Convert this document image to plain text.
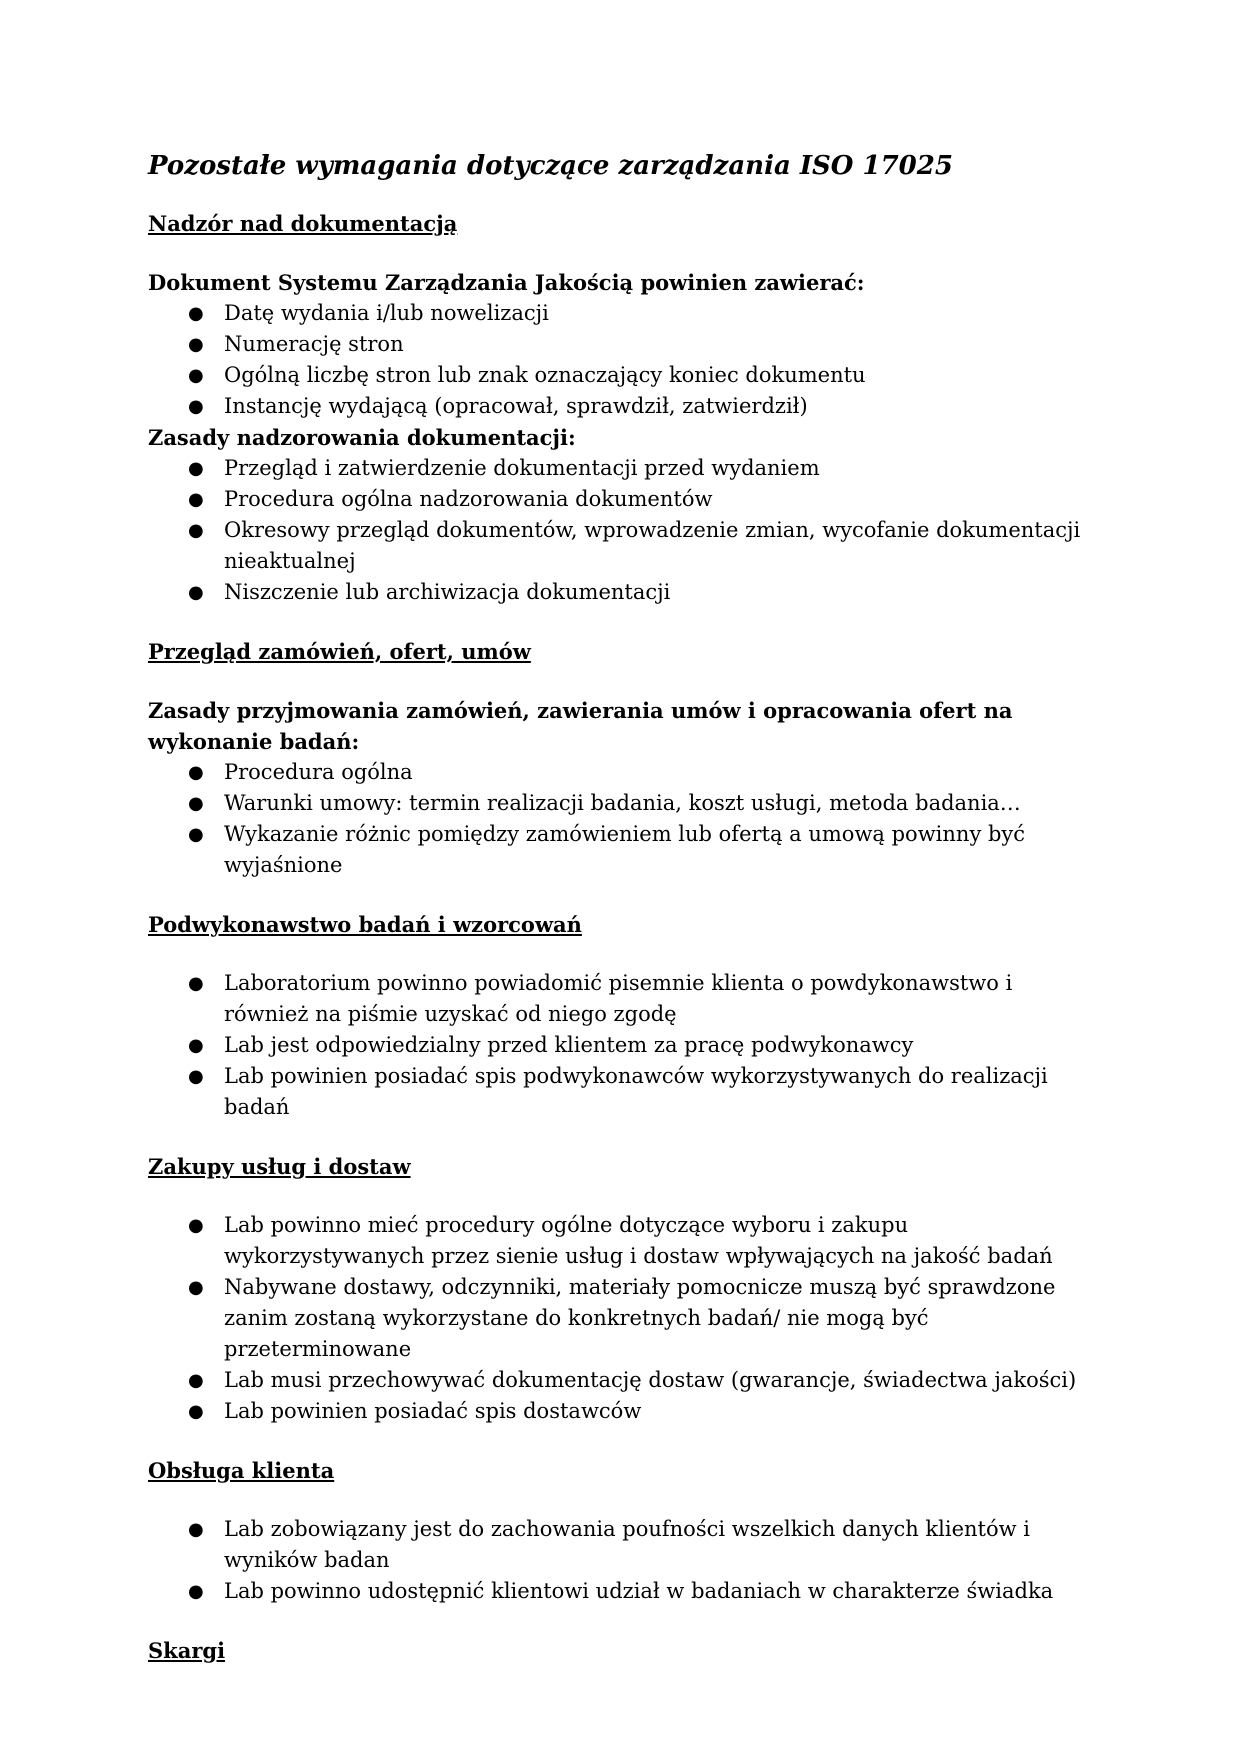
Pozostałe wymagania dotyczące zarządzania ISO 17025
Nadzór nad dokumentacją
Dokument Systemu Zarządzania Jakością powinien zawierać:
● Datę wydania i/lub nowelizacji
● Numerację stron
● Ogólną liczbę stron lub znak oznaczający koniec dokumentu
● Instancję wydającą (opracował, sprawdził, zatwierdził)
Zasady nadzorowania dokumentacji:
● Przegląd i zatwierdzenie dokumentacji przed wydaniem
● Procedura ogólna nadzorowania dokumentów
● Okresowy przegląd dokumentów, wprowadzenie zmian, wycofanie dokumentacji nieaktualnej
● Niszczenie lub archiwizacja dokumentacji
Przegląd zamówień, ofert, umów
Zasady przyjmowania zamówień, zawierania umów i opracowania ofert na wykonanie badań:
● Procedura ogólna
● Warunki umowy: termin realizacji badania, koszt usługi, metoda badania…
● Wykazanie różnic pomiędzy zamówieniem lub ofertą a umową powinny być wyjaśnione
Podwykonawstwo badań i wzorcowań
● Laboratorium powinno powiadomić pisemnie klienta o powdykonawstwo i również na piśmie uzyskać od niego zgodę
● Lab jest odpowiedzialny przed klientem za pracę podwykonawcy
● Lab powinien posiadać spis podwykonawców wykorzystywanych do realizacji badań
Zakupy usług i dostaw
● Lab powinno mieć procedury ogólne dotyczące wyboru i zakupu wykorzystywanych przez sienie usług i dostaw wpływających na jakość badań
● Nabywane dostawy, odczynniki, materiały pomocnicze muszą być sprawdzone zanim zostaną wykorzystane do konkretnych badań/ nie mogą być przeterminowane
● Lab musi przechowywać dokumentację dostaw (gwarancje, świadectwa jakości)
● Lab powinien posiadać spis dostawców
Obsługa klienta
● Lab zobowiązany jest do zachowania poufności wszelkich danych klientów i wyników badan
● Lab powinno udostępnić klientowi udział w badaniach w charakterze świadka
Skargi
